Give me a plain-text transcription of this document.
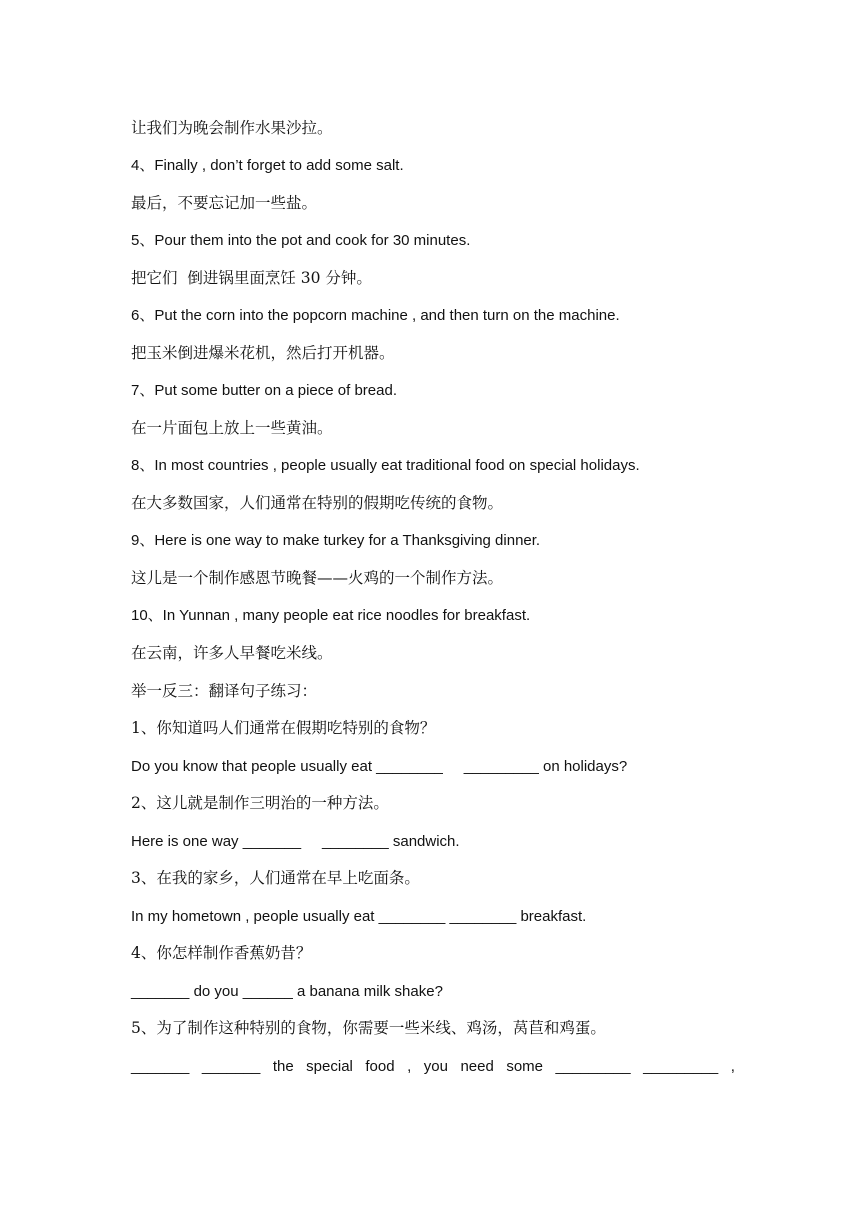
让我们为晚会制作水果沙拉。
4、Finally , don’t forget to add some salt.
最后，不要忘记加一些盐。
5、Pour them into the pot and cook for 30 minutes.
把它们  倒进锅里面烹饪 30 分钟。
6、Put the corn into the popcorn machine , and then turn on the machine.
把玉米倒进爆米花机，然后打开机器。
7、Put some butter on a piece of bread.
在一片面包上放上一些黄油。
8、In most countries , people usually eat traditional food on special holidays.
在大多数国家，人们通常在特别的假期吃传统的食物。
9、Here is one way to make turkey for a Thanksgiving dinner.
这儿是一个制作感恩节晚餐——火鸡的一个制作方法。
10、In Yunnan , many people eat rice noodles for breakfast.
在云南，许多人早餐吃米线。
举一反三：翻译句子练习：
1、你知道吗人们通常在假期吃特别的食物？
Do you know that people usually eat ________     _________ on holidays?
2、这儿就是制作三明治的一种方法。
Here is one way _______     ________ sandwich.
3、在我的家乡，人们通常在早上吃面条。
In my hometown , people usually eat ________ ________ breakfast.
4、你怎样制作香蕉奶昔？
_______ do you ______ a banana milk shake?
5、为了制作这种特别的食物，你需要一些米线、鸡汤，莴苣和鸡蛋。
_______ _______ the special food , you need some _________ _________ ,
